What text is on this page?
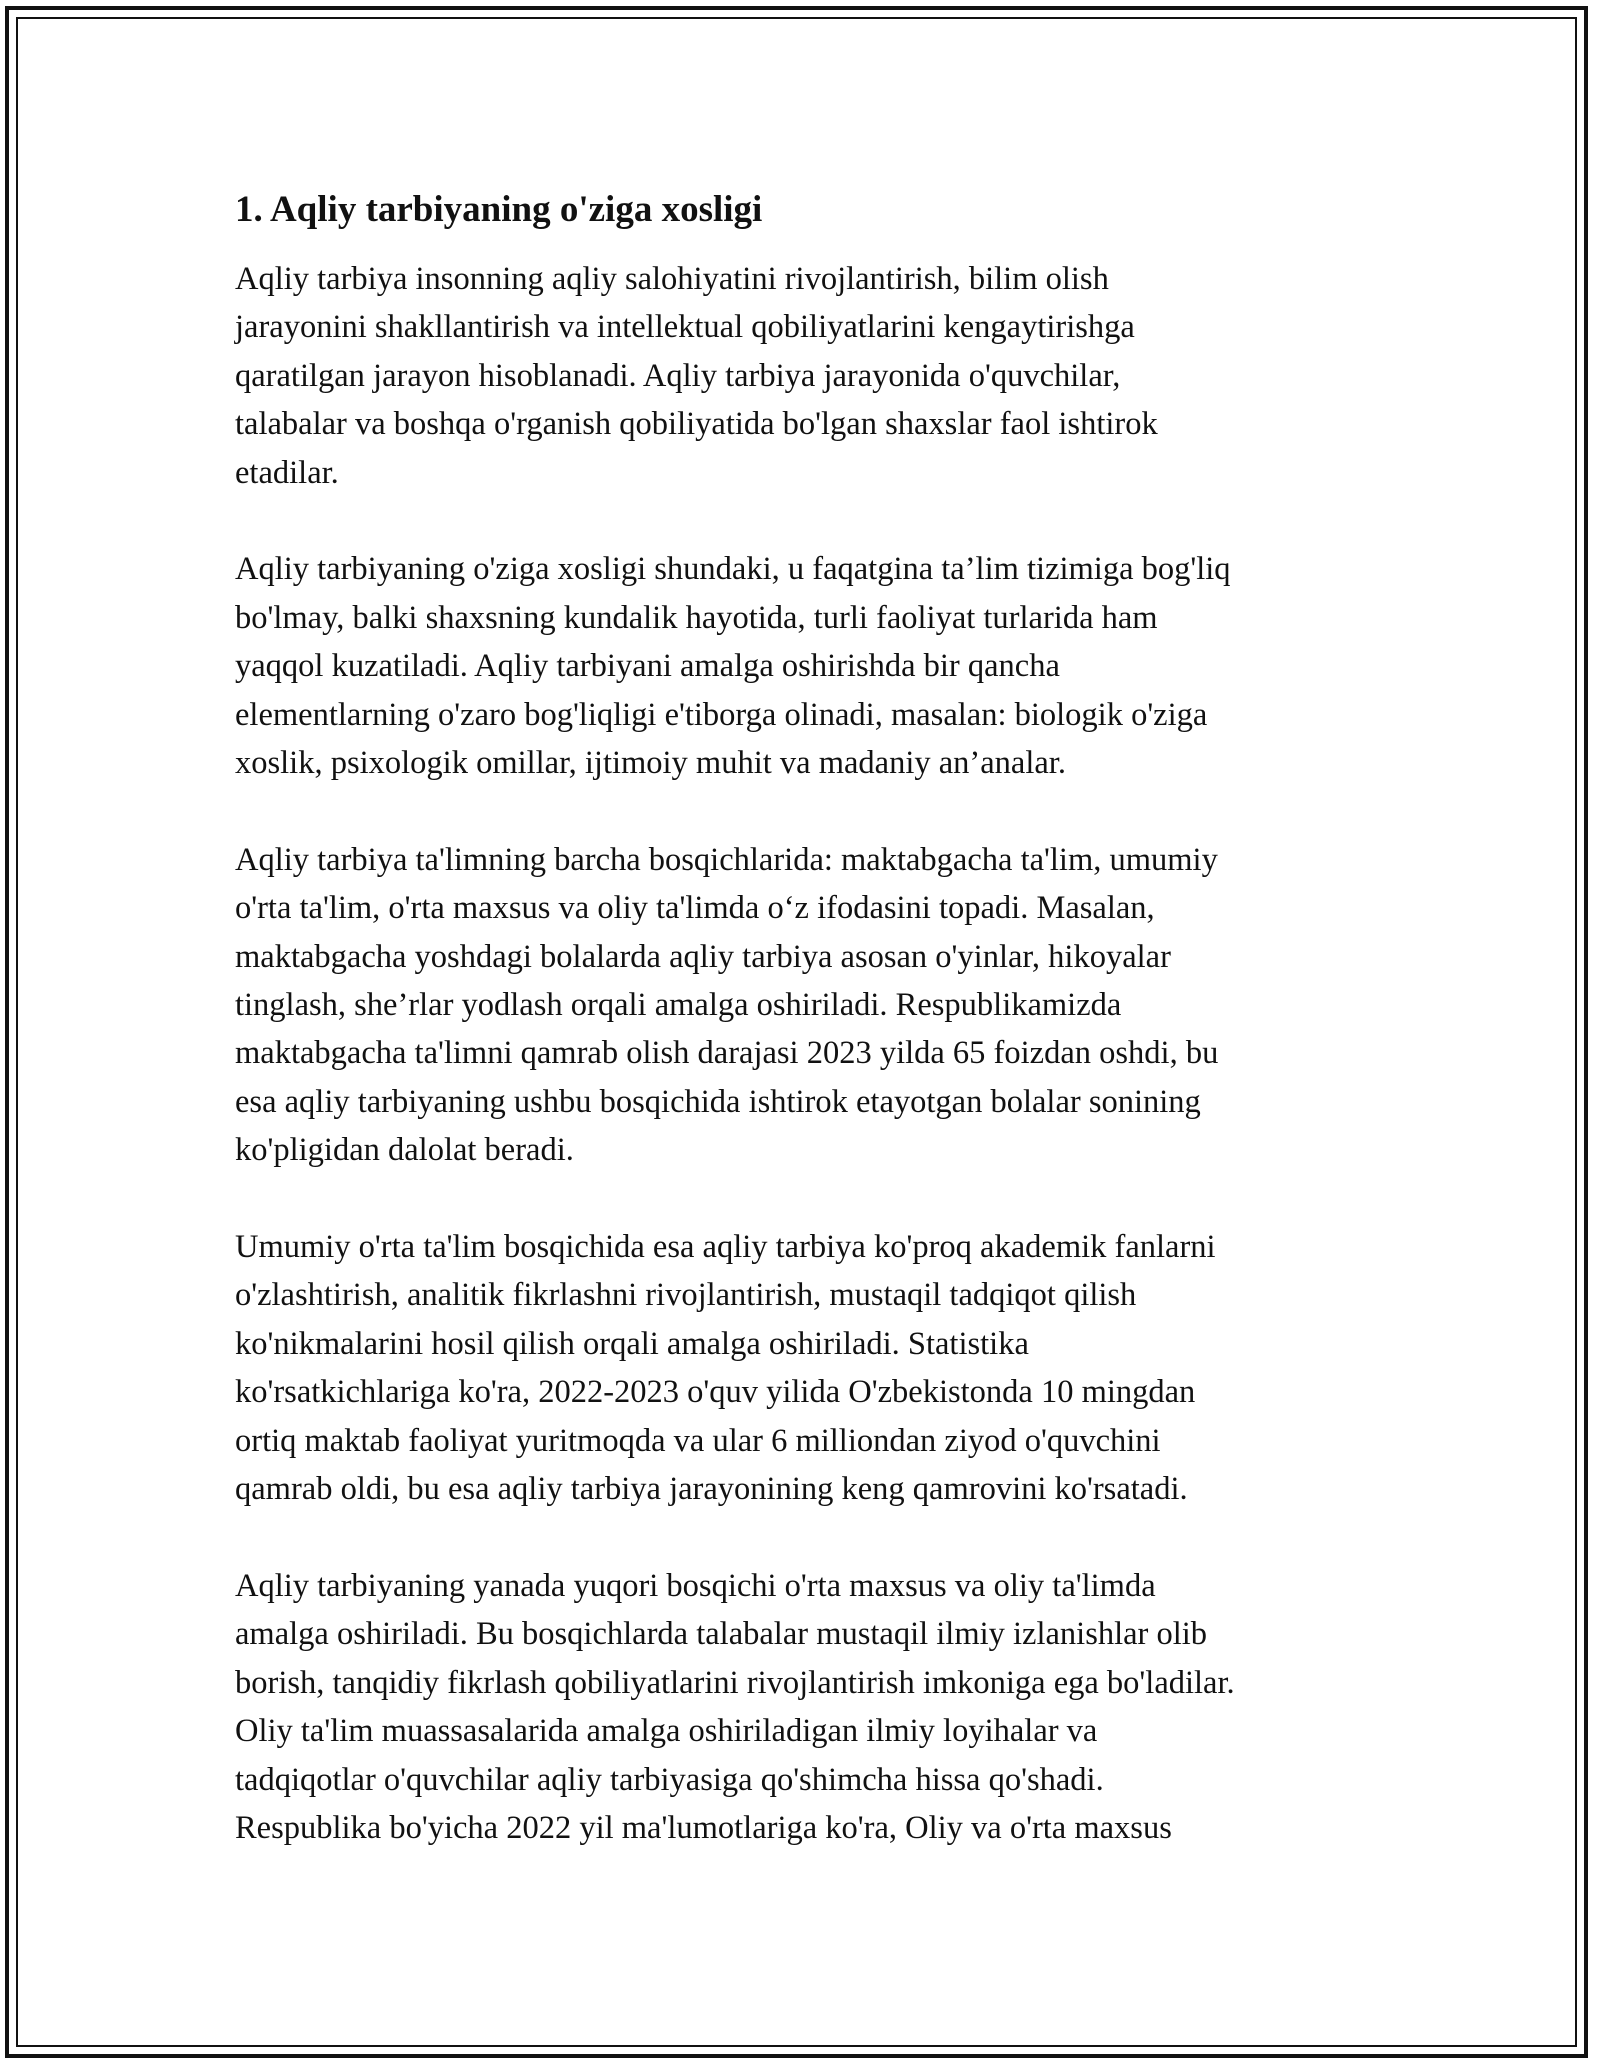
1. Aqliy tarbiyaning o'ziga xosligi

Aqliy tarbiya insonning aqliy salohiyatini rivojlantirish, bilim olish
jarayonini shakllantirish va intellektual qobiliyatlarini kengaytirishga
qaratilgan jarayon hisoblanadi. Aqliy tarbiya jarayonida o'quvchilar,
talabalar va boshqa o'rganish qobiliyatida bo'lgan shaxslar faol ishtirok
etadilar.

Aqliy tarbiyaning o'ziga xosligi shundaki, u faqatgina ta’lim tizimiga bog'liq
bo'lmay, balki shaxsning kundalik hayotida, turli faoliyat turlarida ham
yaqqol kuzatiladi. Aqliy tarbiyani amalga oshirishda bir qancha
elementlarning o'zaro bog'liqligi e'tiborga olinadi, masalan: biologik o'ziga
xoslik, psixologik omillar, ijtimoiy muhit va madaniy an’analar.

Aqliy tarbiya ta'limning barcha bosqichlarida: maktabgacha ta'lim, umumiy
o'rta ta'lim, o'rta maxsus va oliy ta'limda o‘z ifodasini topadi. Masalan,
maktabgacha yoshdagi bolalarda aqliy tarbiya asosan o'yinlar, hikoyalar
tinglash, she’rlar yodlash orqali amalga oshiriladi. Respublikamizda
maktabgacha ta'limni qamrab olish darajasi 2023 yilda 65 foizdan oshdi, bu
esa aqliy tarbiyaning ushbu bosqichida ishtirok etayotgan bolalar sonining
ko'pligidan dalolat beradi.

Umumiy o'rta ta'lim bosqichida esa aqliy tarbiya ko'proq akademik fanlarni
o'zlashtirish, analitik fikrlashni rivojlantirish, mustaqil tadqiqot qilish
ko'nikmalarini hosil qilish orqali amalga oshiriladi. Statistika
ko'rsatkichlariga ko'ra, 2022-2023 o'quv yilida O'zbekistonda 10 mingdan
ortiq maktab faoliyat yuritmoqda va ular 6 milliondan ziyod o'quvchini
qamrab oldi, bu esa aqliy tarbiya jarayonining keng qamrovini ko'rsatadi.

Aqliy tarbiyaning yanada yuqori bosqichi o'rta maxsus va oliy ta'limda
amalga oshiriladi. Bu bosqichlarda talabalar mustaqil ilmiy izlanishlar olib
borish, tanqidiy fikrlash qobiliyatlarini rivojlantirish imkoniga ega bo'ladilar.
Oliy ta'lim muassasalarida amalga oshiriladigan ilmiy loyihalar va
tadqiqotlar o'quvchilar aqliy tarbiyasiga qo'shimcha hissa qo'shadi.
Respublika bo'yicha 2022 yil ma'lumotlariga ko'ra, Oliy va o'rta maxsus
